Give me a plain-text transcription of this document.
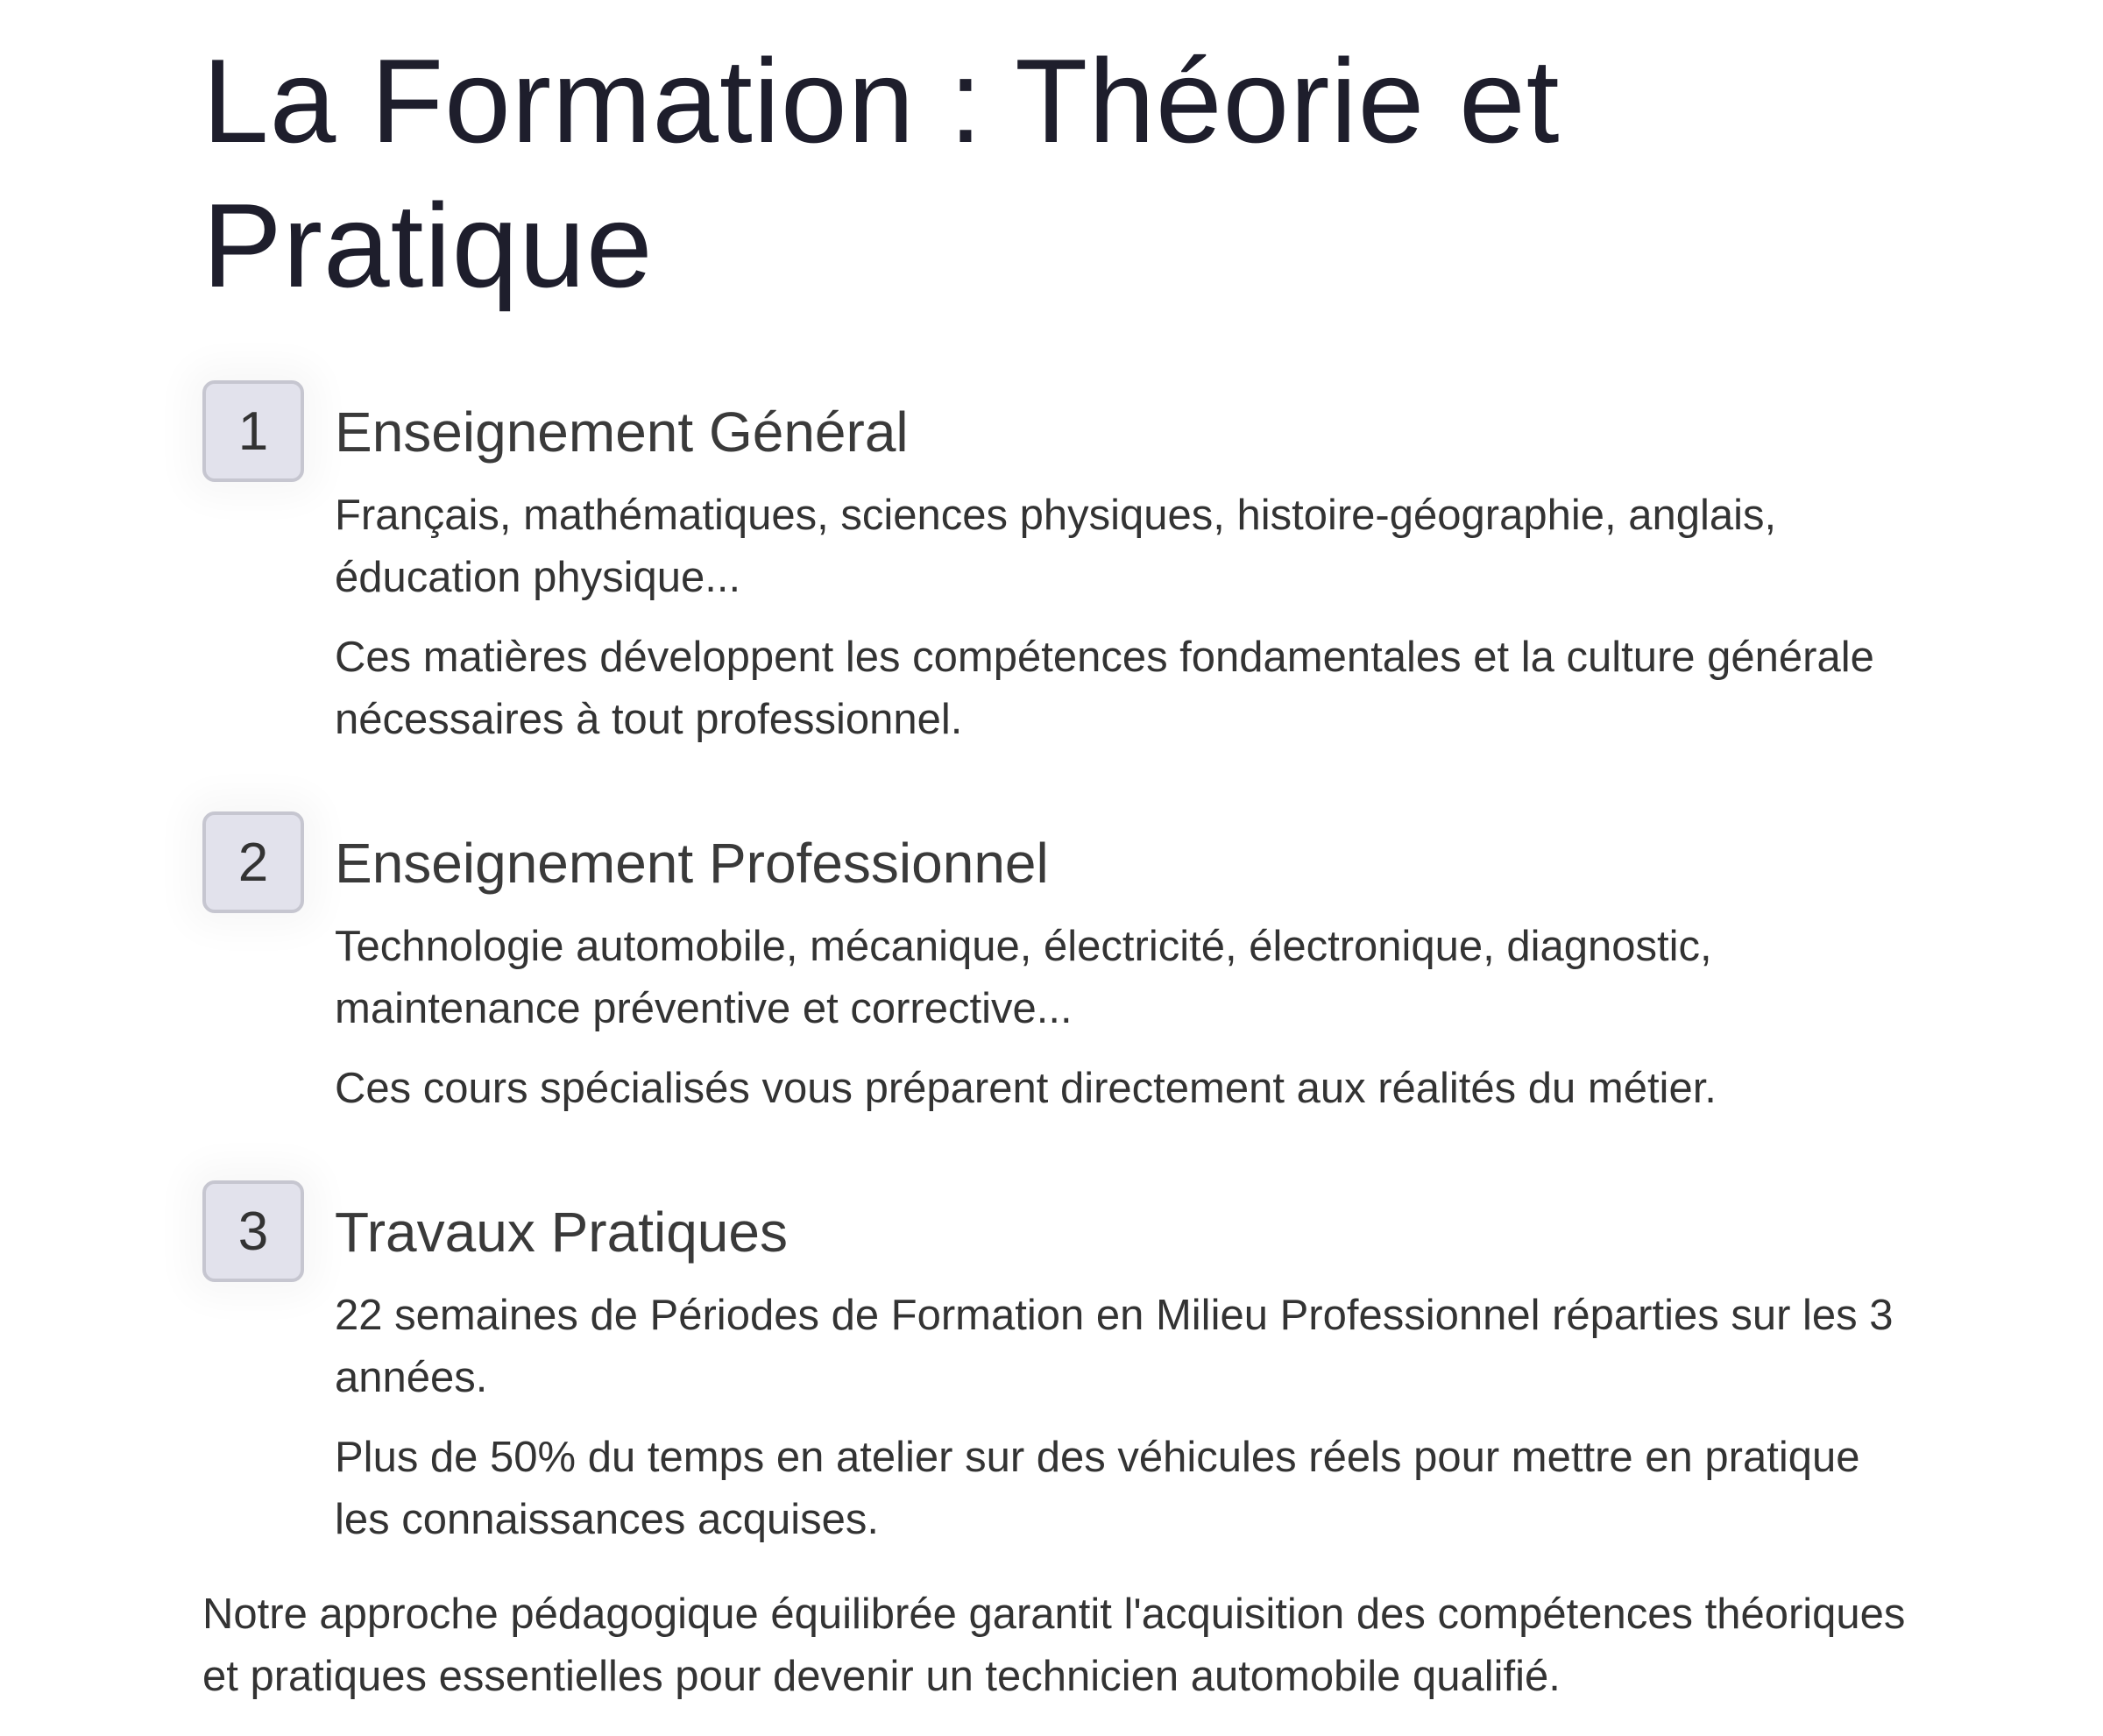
La Formation : Théorie et Pratique
1	Enseignement Général

Français, mathématiques, sciences physiques, histoire-géographie, anglais, éducation physique...

Ces matières développent les compétences fondamentales et la culture générale nécessaires à tout professionnel.

2	Enseignement Professionnel

Technologie automobile, mécanique, électricité, électronique, diagnostic, maintenance préventive et corrective...

Ces cours spécialisés vous préparent directement aux réalités du métier.

3	Travaux Pratiques

22 semaines de Périodes de Formation en Milieu Professionnel réparties sur les 3 années.

Plus de 50% du temps en atelier sur des véhicules réels pour mettre en pratique les connaissances acquises.

Notre approche pédagogique équilibrée garantit l'acquisition des compétences théoriques et pratiques essentielles pour devenir un technicien automobile qualifié.
